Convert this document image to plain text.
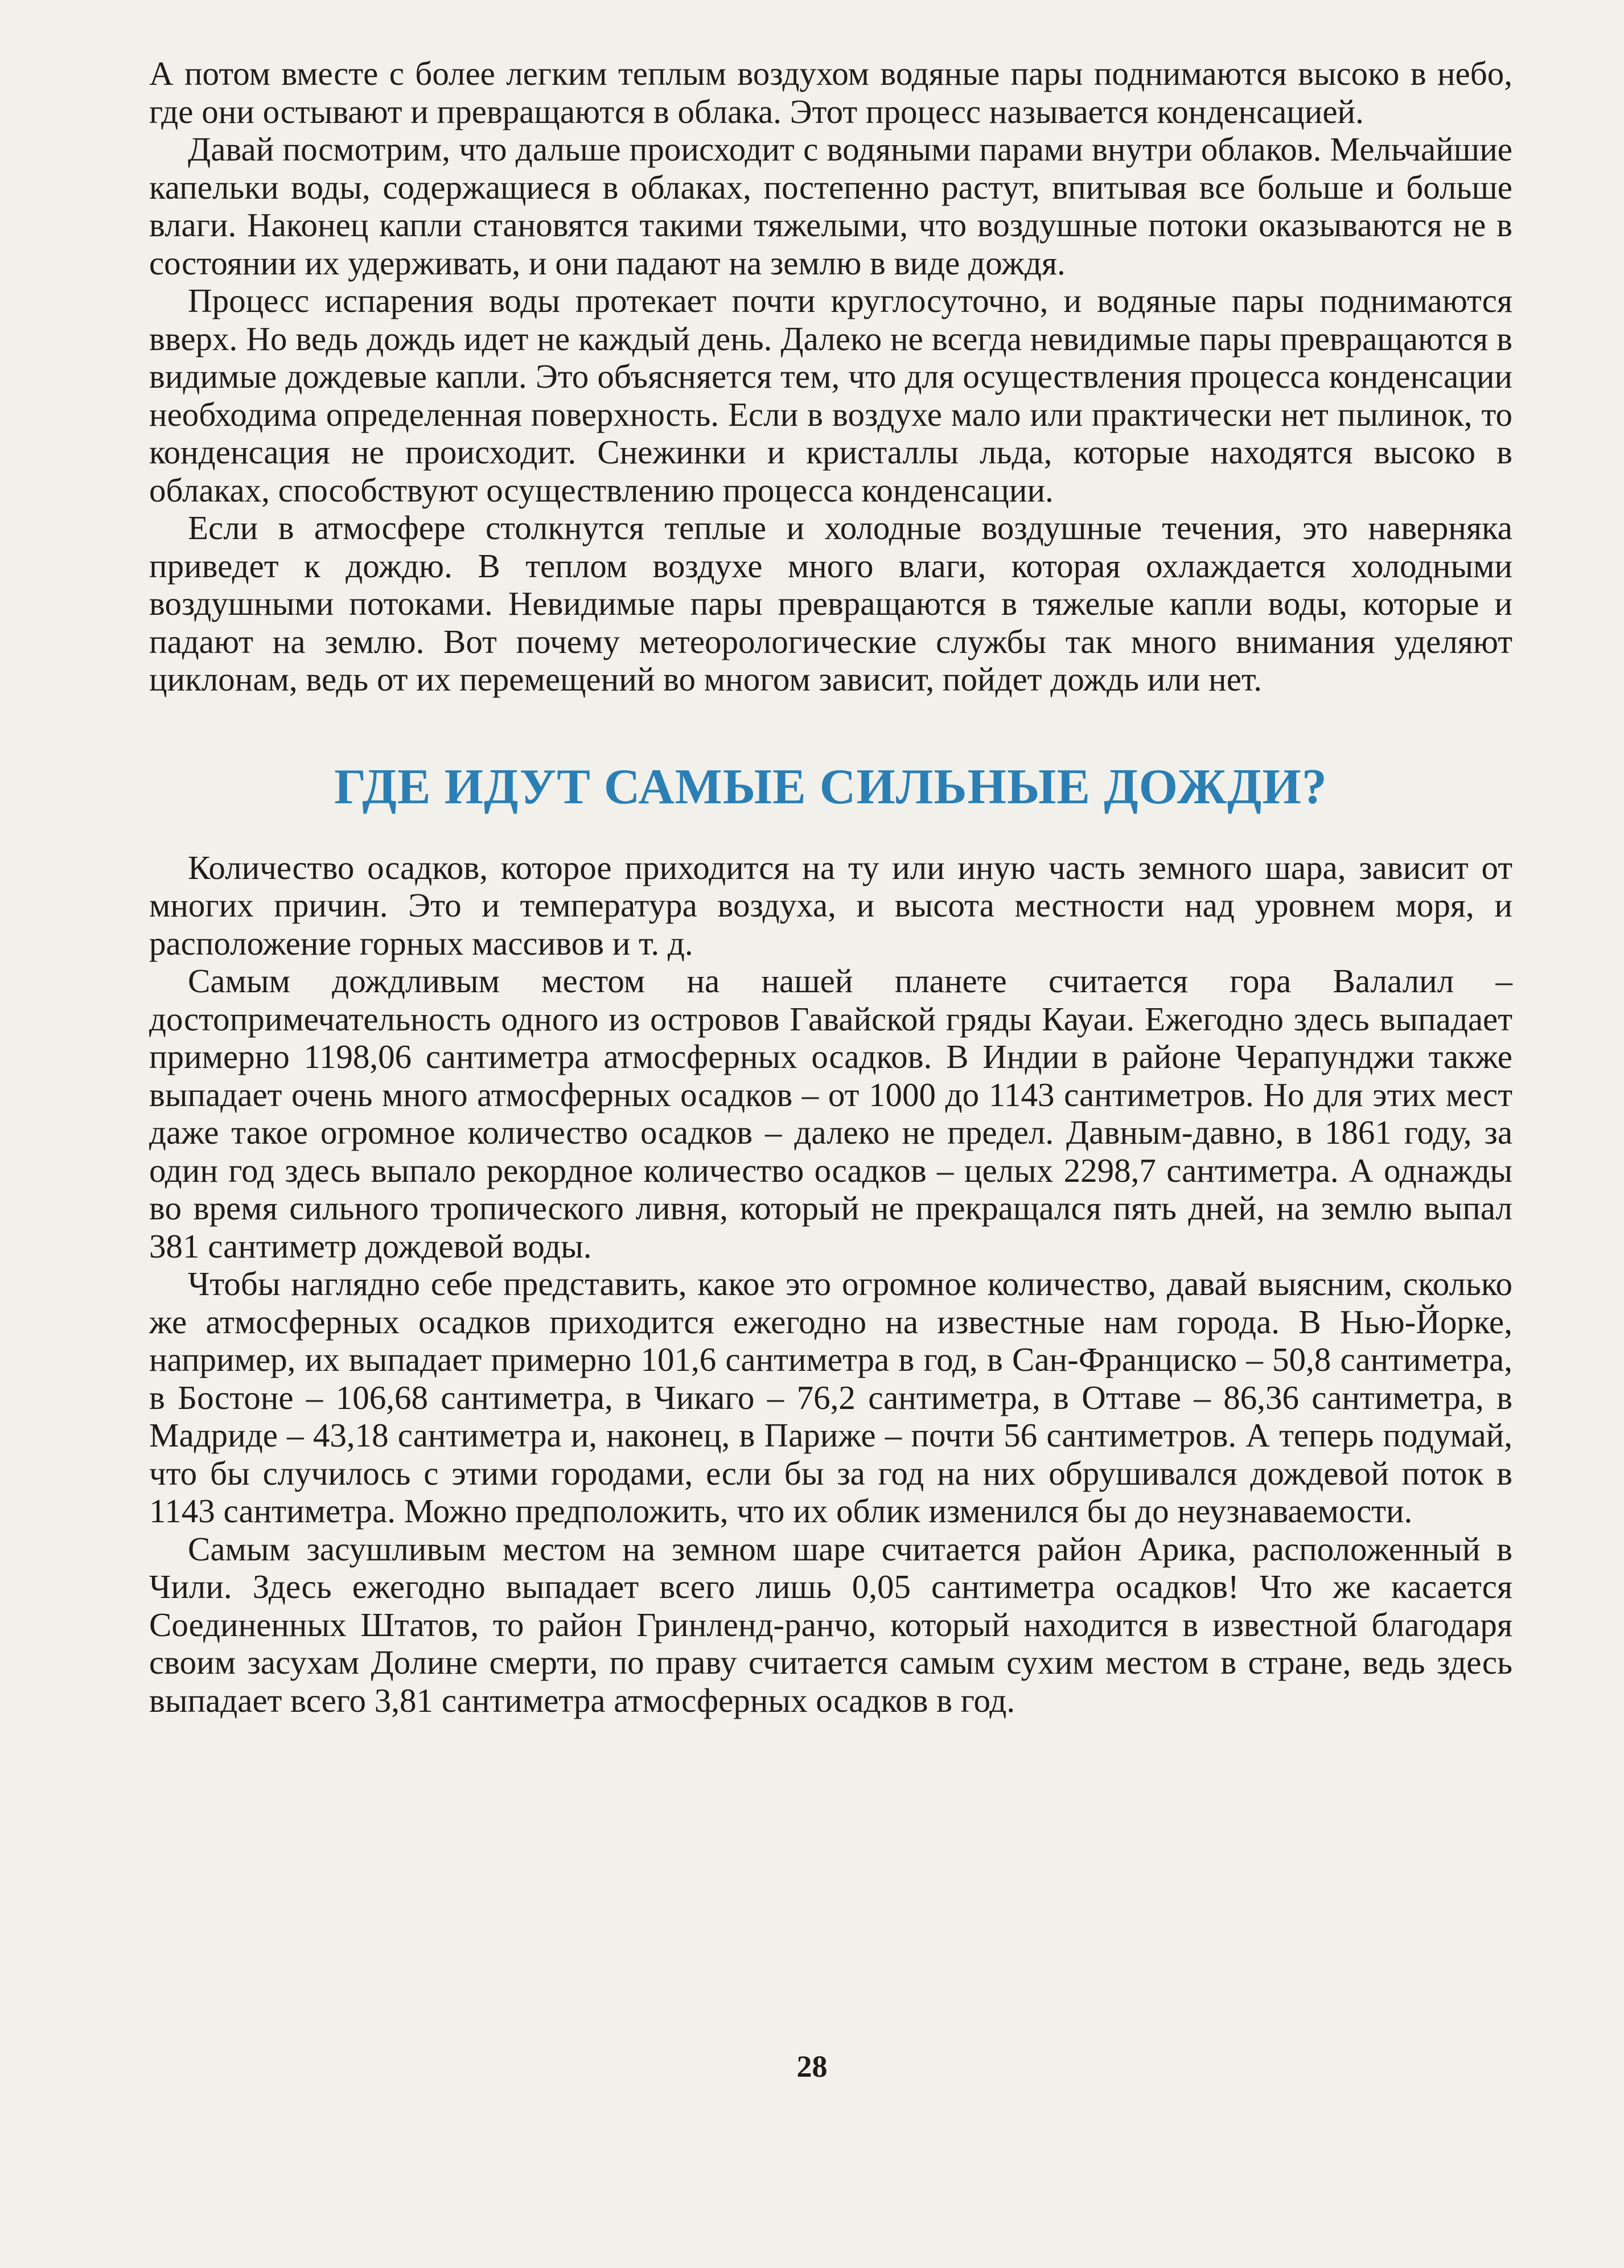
А потом вместе с более легким теплым воздухом водяные пары поднимаются высоко в небо, где они остывают и превращаются в облака. Этот процесс называется конденсацией.

Давай посмотрим, что дальше происходит с водяными парами внутри облаков. Мельчайшие капельки воды, содержащиеся в облаках, постепенно растут, впитывая все больше и больше влаги. Наконец капли становятся такими тяжелыми, что воздушные потоки оказываются не в состоянии их удерживать, и они падают на землю в виде дождя.

Процесс испарения воды протекает почти круглосуточно, и водяные пары поднимаются вверх. Но ведь дождь идет не каждый день. Далеко не всегда невидимые пары превращаются в видимые дождевые капли. Это объясняется тем, что для осуществления процесса конденсации необходима определенная поверхность. Если в воздухе мало или практически нет пылинок, то конденсация не происходит. Снежинки и кристаллы льда, которые находятся высоко в облаках, способствуют осуществлению процесса конденсации.

Если в атмосфере столкнутся теплые и холодные воздушные течения, это наверняка приведет к дождю. В теплом воздухе много влаги, которая охлаждается холодными воздушными потоками. Невидимые пары превращаются в тяжелые капли воды, которые и падают на землю. Вот почему метеорологические службы так много внимания уделяют циклонам, ведь от их перемещений во многом зависит, пойдет дождь или нет.

ГДЕ ИДУТ САМЫЕ СИЛЬНЫЕ ДОЖДИ?

Количество осадков, которое приходится на ту или иную часть земного шара, зависит от многих причин. Это и температура воздуха, и высота местности над уровнем моря, и расположение горных массивов и т. д.

Самым дождливым местом на нашей планете считается гора Валалил – достопримечательность одного из островов Гавайской гряды Кауаи. Ежегодно здесь выпадает примерно 1198,06 сантиметра атмосферных осадков. В Индии в районе Черапунджи также выпадает очень много атмосферных осадков – от 1000 до 1143 сантиметров. Но для этих мест даже такое огромное количество осадков – далеко не предел. Давным-давно, в 1861 году, за один год здесь выпало рекордное количество осадков – целых 2298,7 сантиметра. А однажды во время сильного тропического ливня, который не прекращался пять дней, на землю выпал 381 сантиметр дождевой воды.

Чтобы наглядно себе представить, какое это огромное количество, давай выясним, сколько же атмосферных осадков приходится ежегодно на известные нам города. В Нью-Йорке, например, их выпадает примерно 101,6 сантиметра в год, в Сан-Франциско – 50,8 сантиметра, в Бостоне – 106,68 сантиметра, в Чикаго – 76,2 сантиметра, в Оттаве – 86,36 сантиметра, в Мадриде – 43,18 сантиметра и, наконец, в Париже – почти 56 сантиметров. А теперь подумай, что бы случилось с этими городами, если бы за год на них обрушивался дождевой поток в 1143 сантиметра. Можно предположить, что их облик изменился бы до неузнаваемости.

Самым засушливым местом на земном шаре считается район Арика, расположенный в Чили. Здесь ежегодно выпадает всего лишь 0,05 сантиметра осадков! Что же касается Соединенных Штатов, то район Гринленд-ранчо, который находится в известной благодаря своим засухам Долине смерти, по праву считается самым сухим местом в стране, ведь здесь выпадает всего 3,81 сантиметра атмосферных осадков в год.

28
